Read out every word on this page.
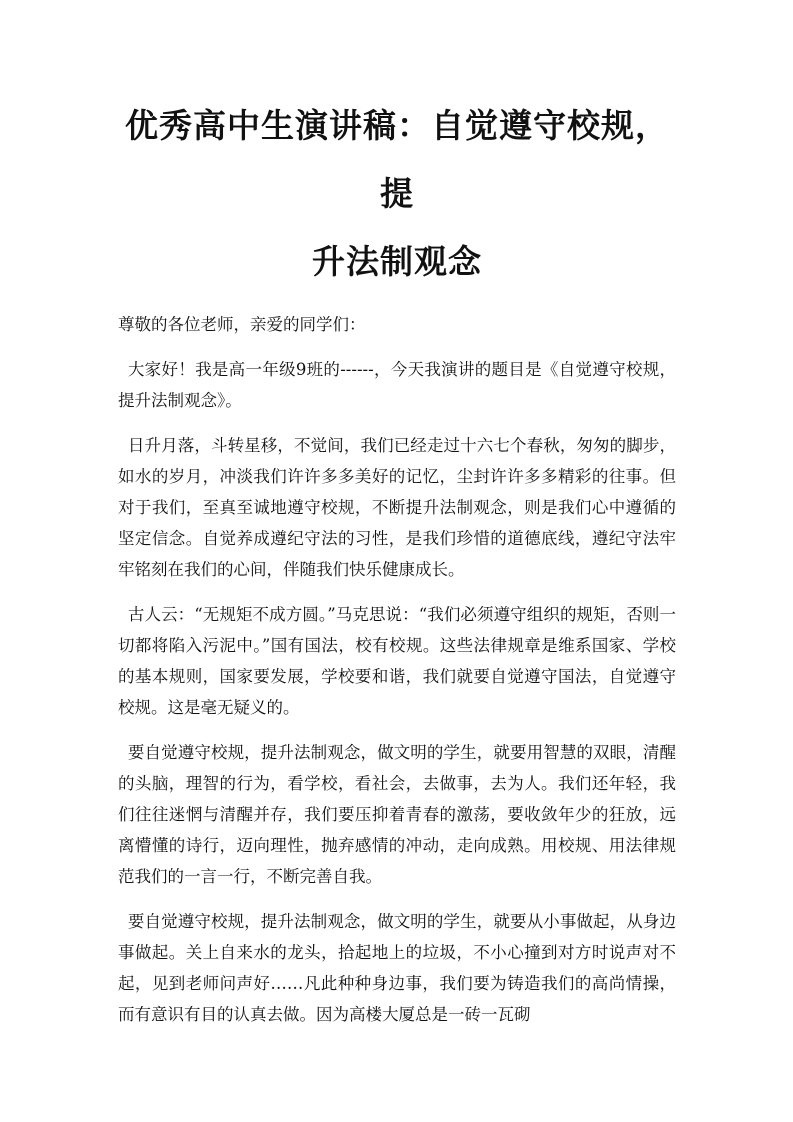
优秀高中生演讲稿：自觉遵守校规，提
升法制观念

尊敬的各位老师，亲爱的同学们：

大家好！我是高一年级9班的------，今天我演讲的题目是《自觉遵守校规，提升法制观念》。

日升月落，斗转星移，不觉间，我们已经走过十六七个春秋，匆匆的脚步，如水的岁月，冲淡我们许许多多美好的记忆，尘封许许多多精彩的往事。但对于我们，至真至诚地遵守校规，不断提升法制观念，则是我们心中遵循的坚定信念。自觉养成遵纪守法的习性，是我们珍惜的道德底线，遵纪守法牢牢铭刻在我们的心间，伴随我们快乐健康成长。

古人云：“无规矩不成方圆。”马克思说：“我们必须遵守组织的规矩，否则一切都将陷入污泥中。”国有国法，校有校规。这些法律规章是维系国家、学校的基本规则，国家要发展，学校要和谐，我们就要自觉遵守国法，自觉遵守校规。这是毫无疑义的。

要自觉遵守校规，提升法制观念，做文明的学生，就要用智慧的双眼，清醒的头脑，理智的行为，看学校，看社会，去做事，去为人。我们还年轻，我们往往迷惘与清醒并存，我们要压抑着青春的激荡，要收敛年少的狂放，远离懵懂的诗行，迈向理性，抛弃感情的冲动，走向成熟。用校规、用法律规范我们的一言一行，不断完善自我。

要自觉遵守校规，提升法制观念，做文明的学生，就要从小事做起，从身边事做起。关上自来水的龙头，拾起地上的垃圾，不小心撞到对方时说声对不起，见到老师问声好……凡此种种身边事，我们要为铸造我们的高尚情操，而有意识有目的认真去做。因为高楼大厦总是一砖一瓦砌
